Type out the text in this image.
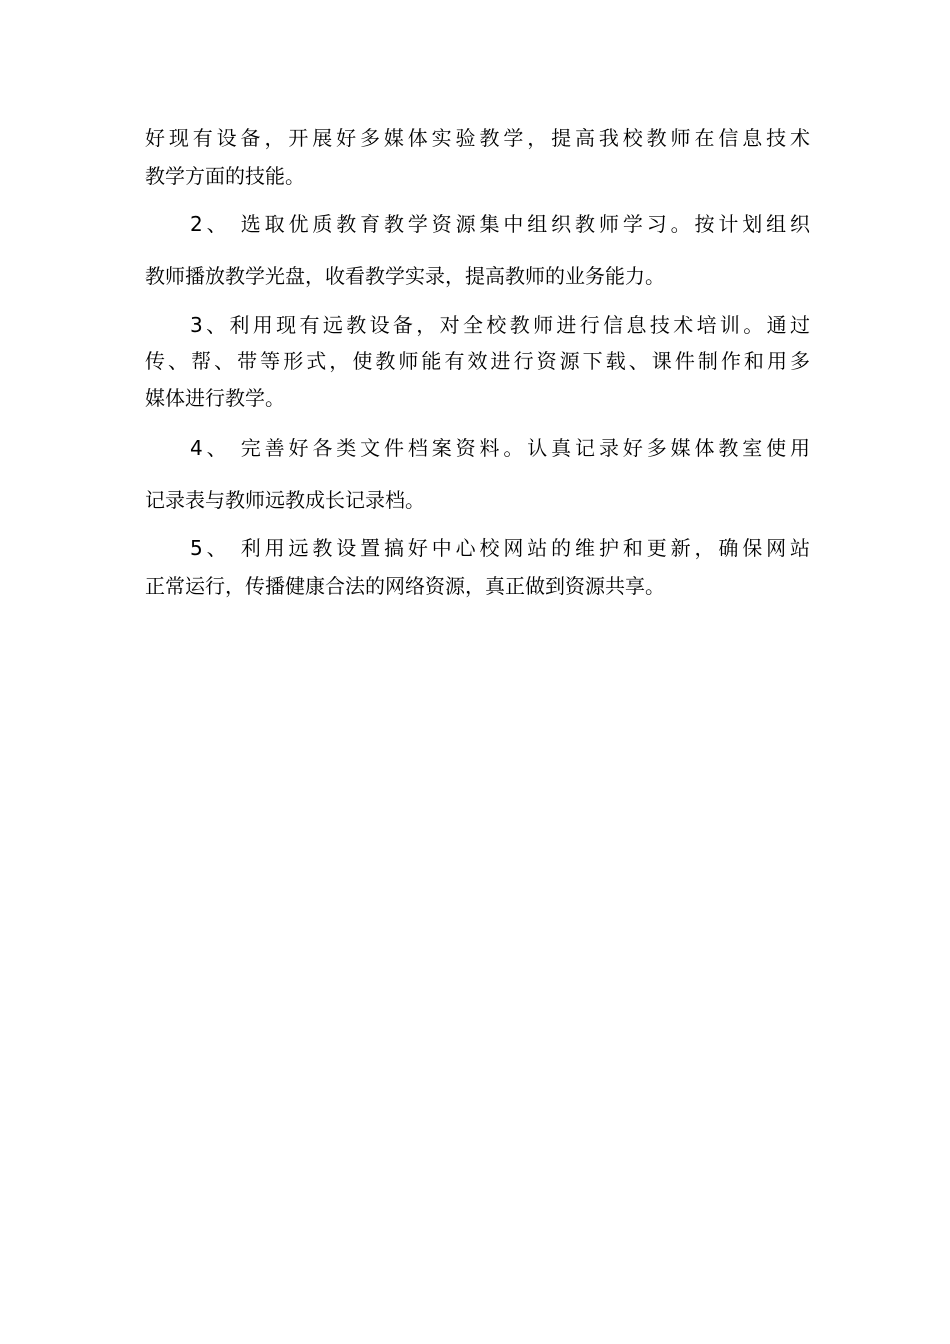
好现有设备，开展好多媒体实验教学，提高我校教师在信息技术
教学方面的技能。
2、 选取优质教育教学资源集中组织教师学习。按计划组织
教师播放教学光盘，收看教学实录，提高教师的业务能力。
3、利用现有远教设备，对全校教师进行信息技术培训。通过
传、帮、带等形式，使教师能有效进行资源下载、课件制作和用多
媒体进行教学。
4、 完善好各类文件档案资料。认真记录好多媒体教室使用
记录表与教师远教成长记录档。
5、 利用远教设置搞好中心校网站的维护和更新，确保网站
正常运行，传播健康合法的网络资源，真正做到资源共享。
